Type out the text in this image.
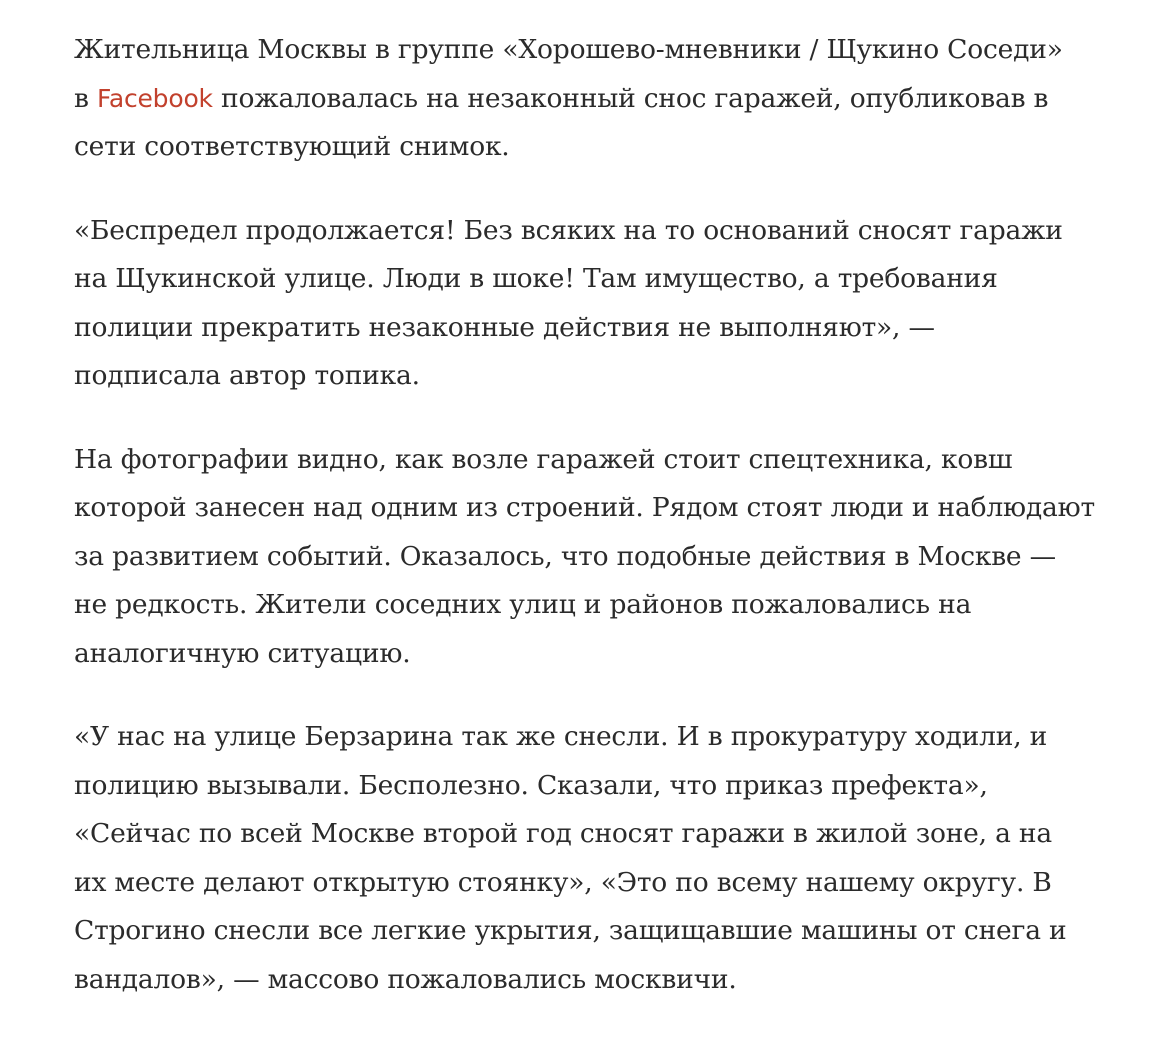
Жительница Москвы в группе «Хорошево-мневники / Щукино Соседи»
в Facebook пожаловалась на незаконный снос гаражей, опубликовав в
сети соответствующий снимок.

«Беспредел продолжается! Без всяких на то оснований сносят гаражи
на Щукинской улице. Люди в шоке! Там имущество, а требования
полиции прекратить незаконные действия не выполняют», —
подписала автор топика.

На фотографии видно, как возле гаражей стоит спецтехника, ковш
которой занесен над одним из строений. Рядом стоят люди и наблюдают
за развитием событий. Оказалось, что подобные действия в Москве —
не редкость. Жители соседних улиц и районов пожаловались на
аналогичную ситуацию.

«У нас на улице Берзарина так же снесли. И в прокуратуру ходили, и
полицию вызывали. Бесполезно. Сказали, что приказ префекта»,
«Сейчас по всей Москве второй год сносят гаражи в жилой зоне, а на
их месте делают открытую стоянку», «Это по всему нашему округу. В
Строгино снесли все легкие укрытия, защищавшие машины от снега и
вандалов», — массово пожаловались москвичи.
